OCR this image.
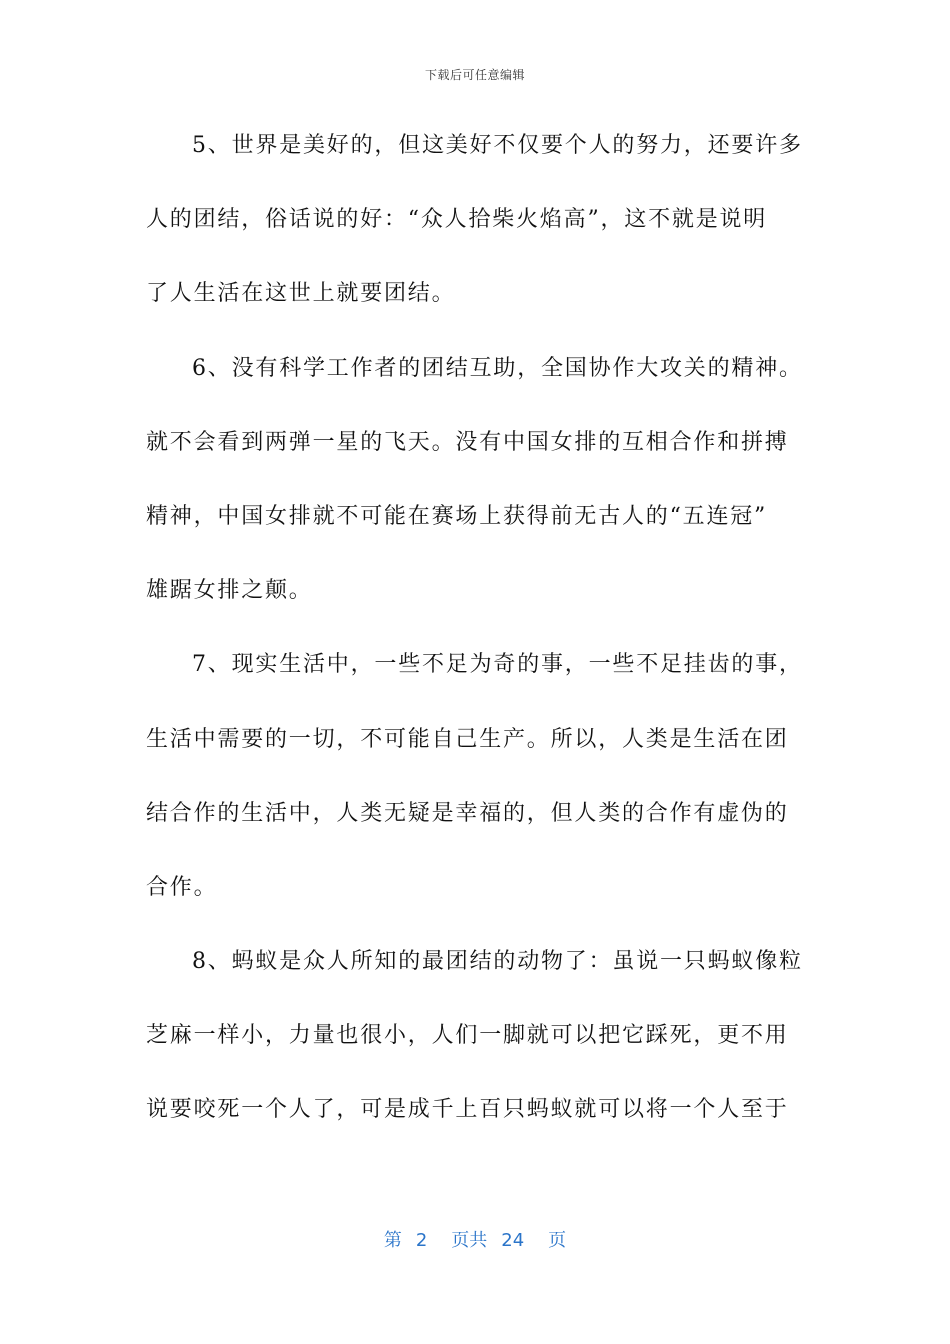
下载后可任意编辑
5、世界是美好的，但这美好不仅要个人的努力，还要许多
人的团结，俗话说的好：“众人拾柴火焰高”，这不就是说明
了人生活在这世上就要团结。
6、没有科学工作者的团结互助，全国协作大攻关的精神。
就不会看到两弹一星的飞天。没有中国女排的互相合作和拼搏
精神，中国女排就不可能在赛场上获得前无古人的“五连冠”
雄踞女排之颠。
7、现实生活中，一些不足为奇的事，一些不足挂齿的事，
生活中需要的一切，不可能自己生产。所以，人类是生活在团
结合作的生活中，人类无疑是幸福的，但人类的合作有虚伪的
合作。
8、蚂蚁是众人所知的最团结的动物了：虽说一只蚂蚁像粒
芝麻一样小，力量也很小，人们一脚就可以把它踩死，更不用
说要咬死一个人了，可是成千上百只蚂蚁就可以将一个人至于
第 2 页共 24 页
